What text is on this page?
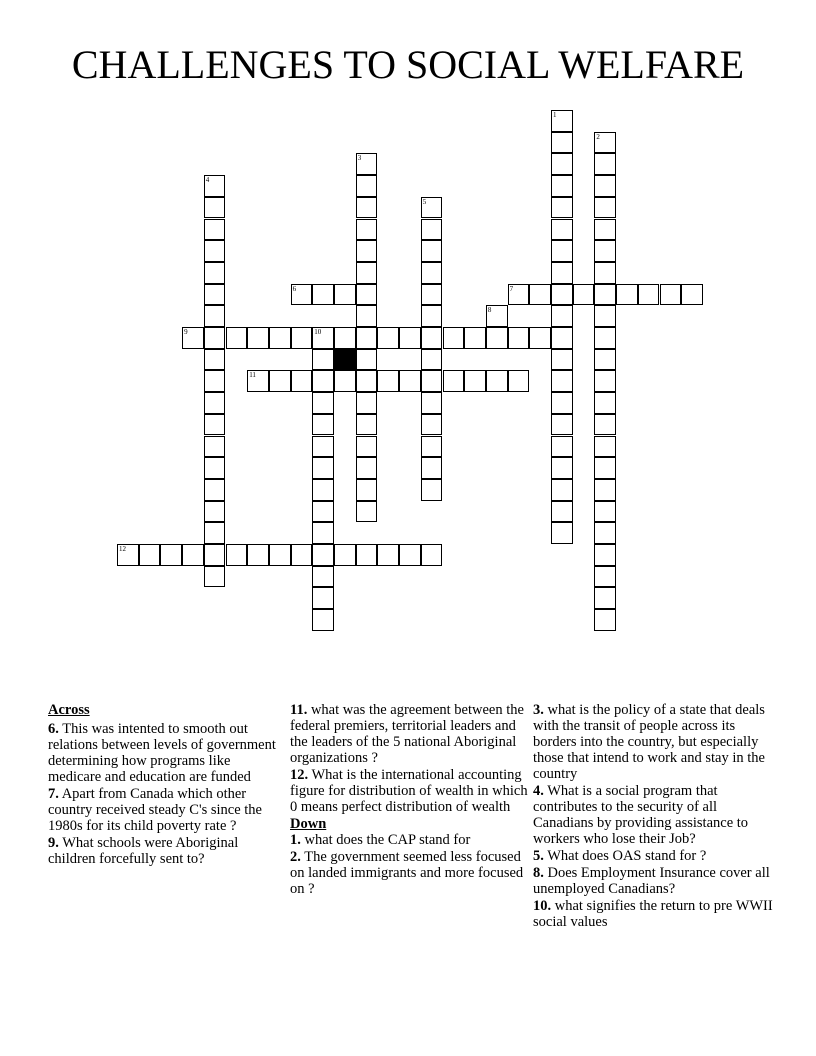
CHALLENGES TO SOCIAL WELFARE
1
2
3
4
5
6	7
8
9	10
11
12
Across
6. This was intented to smooth out relations between levels of government determining how programs like medicare and education are funded
7. Apart from Canada which other country received steady C's since the 1980s for its child poverty rate ?
9. What schools were Aboriginal children forcefully sent to?
11. what was the agreement between the federal premiers, territorial leaders and the leaders of the 5 national Aboriginal organizations ?
12. What is the international accounting figure for distribution of wealth in which 0 means perfect distribution of wealth
Down
1. what does the CAP stand for
2. The government seemed less focused on landed immigrants and more focused on ?
3. what is the policy of a state that deals with the transit of people across its borders into the country, but especially those that intend to work and stay in the country
4. What is a social program that contributes to the security of all Canadians by providing assistance to workers who lose their Job?
5. What does OAS stand for ?
8. Does Employment Insurance cover all unemployed Canadians?
10. what signifies the return to pre WWII social values
